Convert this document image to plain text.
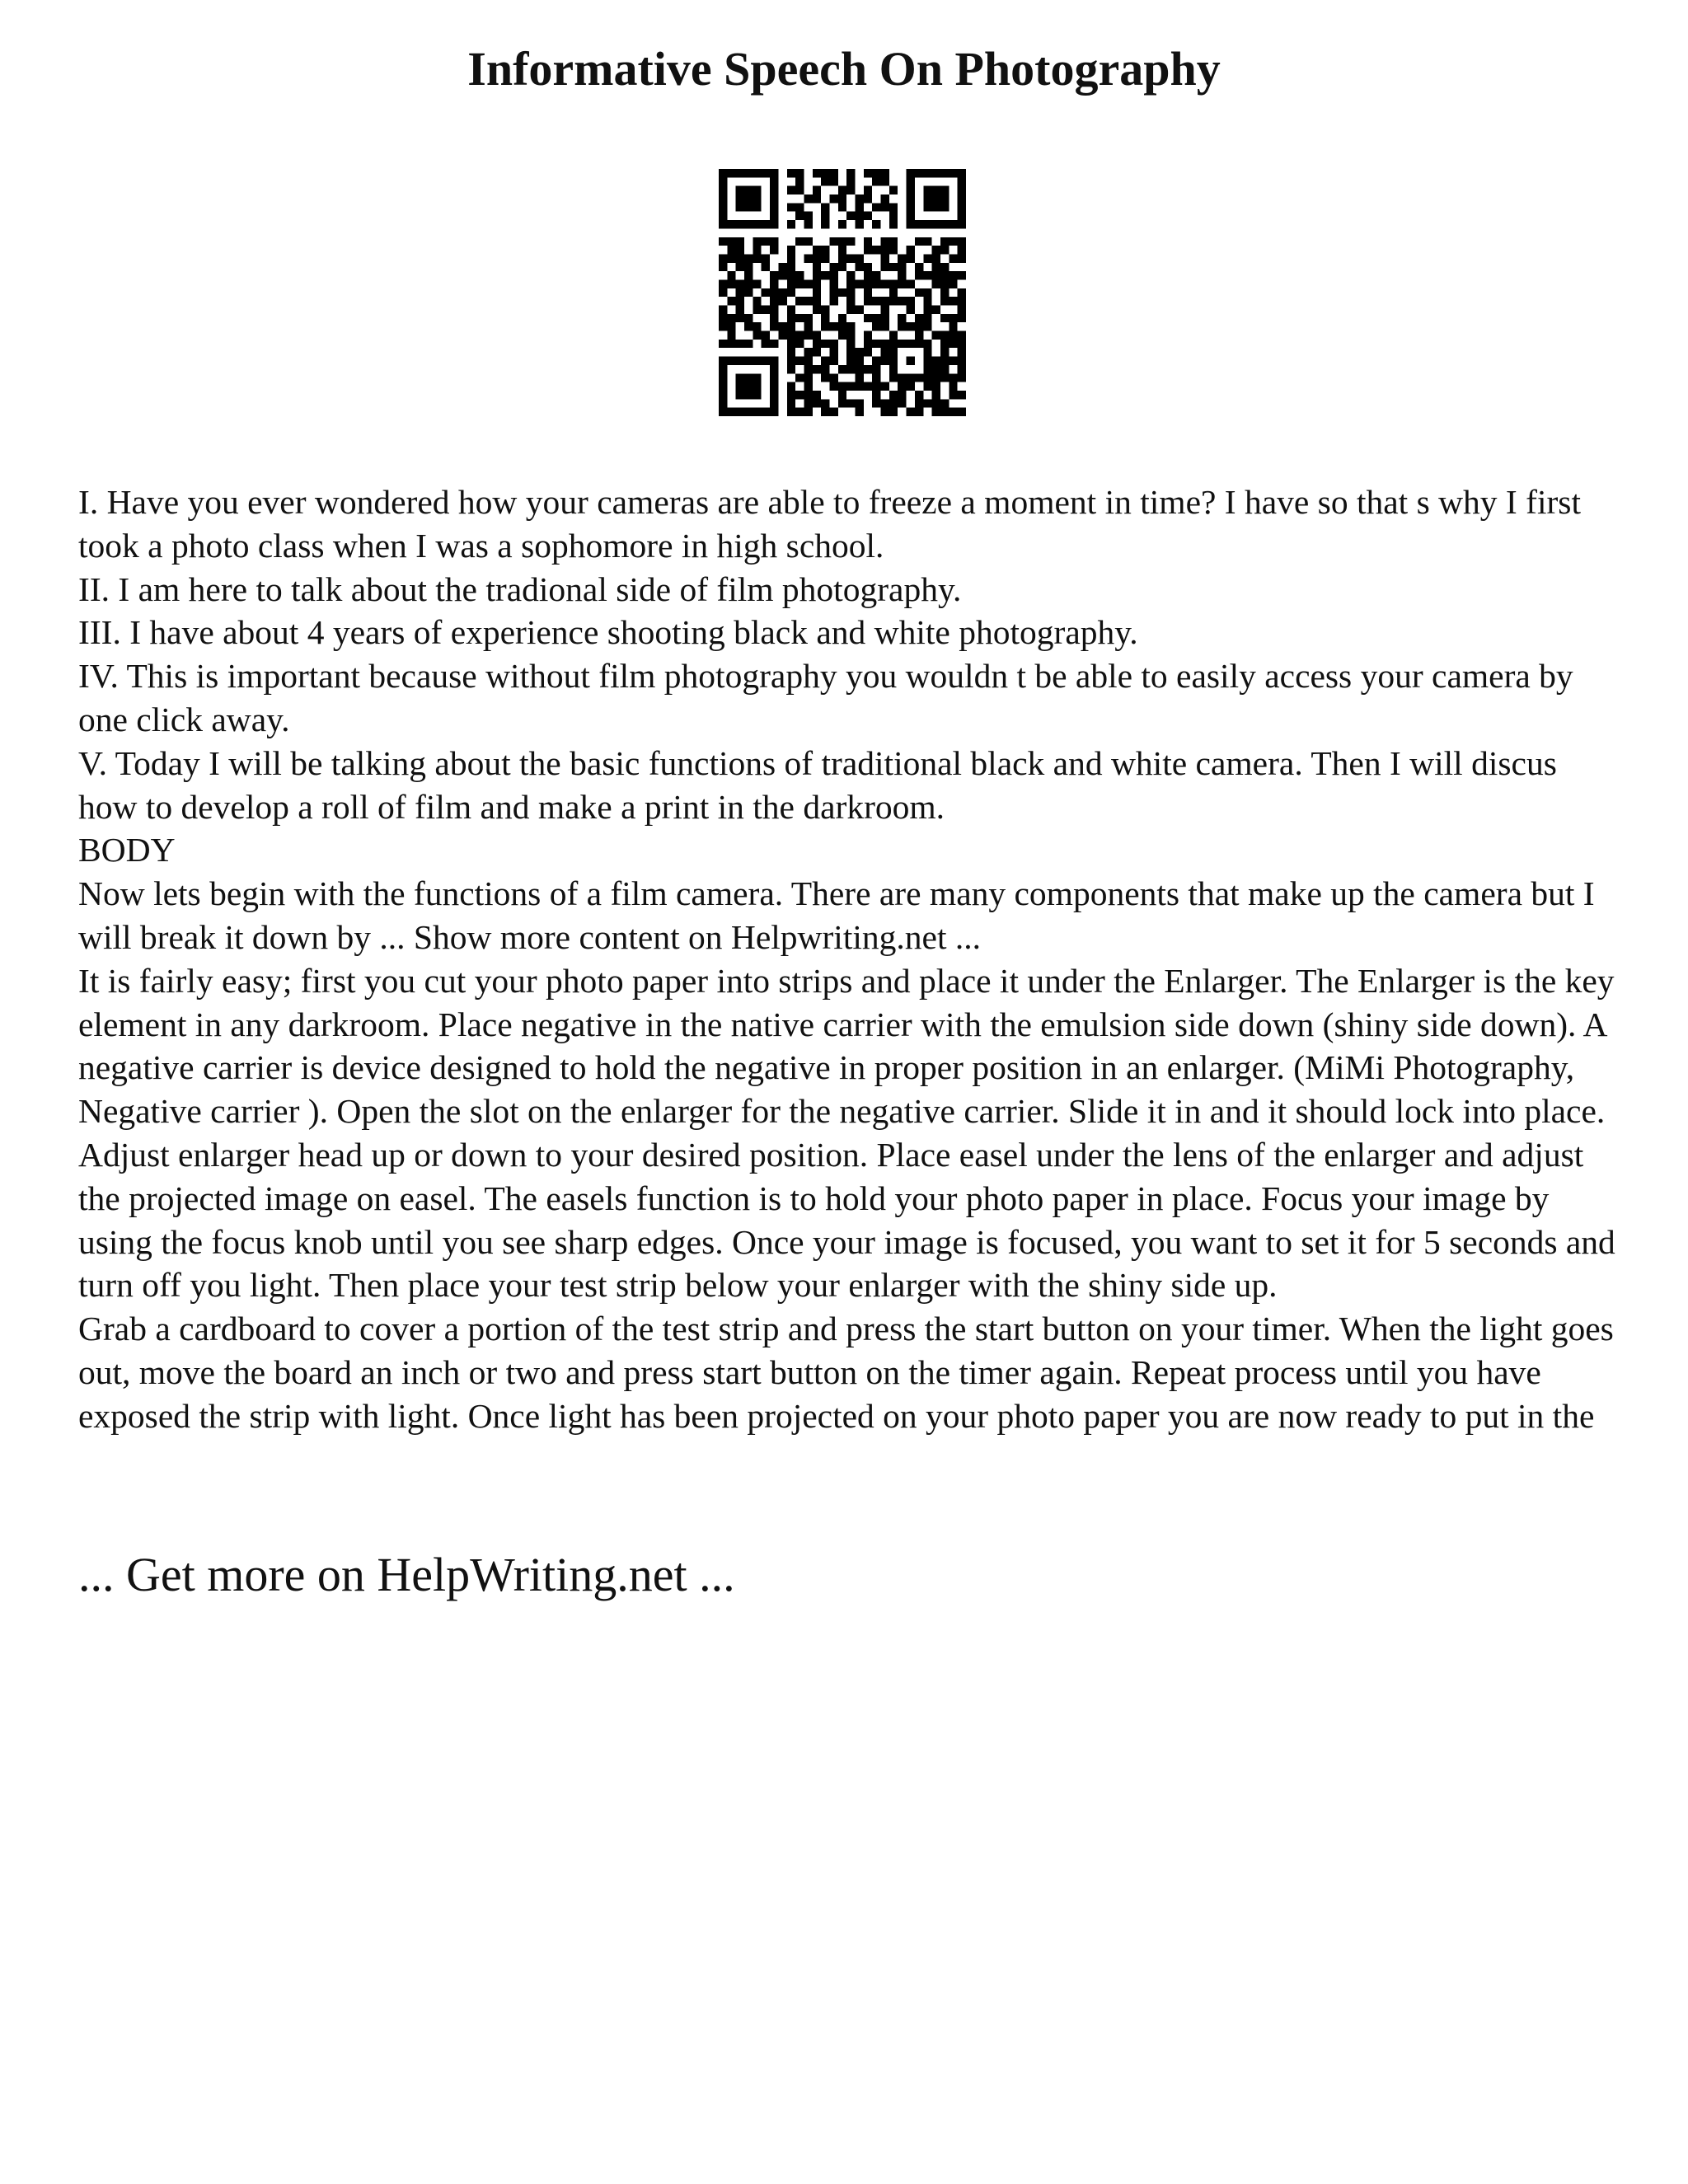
Informative Speech On Photography

I. Have you ever wondered how your cameras are able to freeze a moment in time? I have so that s why I first took a photo class when I was a sophomore in high school.

II. I am here to talk about the tradional side of film photography.

III. I have about 4 years of experience shooting black and white photography.

IV. This is important because without film photography you wouldn t be able to easily access your camera by one click away.

V. Today I will be talking about the basic functions of traditional black and white camera. Then I will discus how to develop a roll of film and make a print in the darkroom.

BODY

Now lets begin with the functions of a film camera. There are many components that make up the camera but I will break it down by ... Show more content on Helpwriting.net ...

It is fairly easy; first you cut your photo paper into strips and place it under the Enlarger. The Enlarger is the key element in any darkroom. Place negative in the native carrier with the emulsion side down (shiny side down). A negative carrier is device designed to hold the negative in proper position in an enlarger. (MiMi Photography, Negative carrier ). Open the slot on the enlarger for the negative carrier. Slide it in and it should lock into place. Adjust enlarger head up or down to your desired position. Place easel under the lens of the enlarger and adjust the projected image on easel. The easels function is to hold your photo paper in place. Focus your image by using the focus knob until you see sharp edges. Once your image is focused, you want to set it for 5 seconds and turn off you light. Then place your test strip below your enlarger with the shiny side up.

Grab a cardboard to cover a portion of the test strip and press the start button on your timer. When the light goes out, move the board an inch or two and press start button on the timer again. Repeat process until you have exposed the strip with light. Once light has been projected on your photo paper you are now ready to put in the

... Get more on HelpWriting.net ...
